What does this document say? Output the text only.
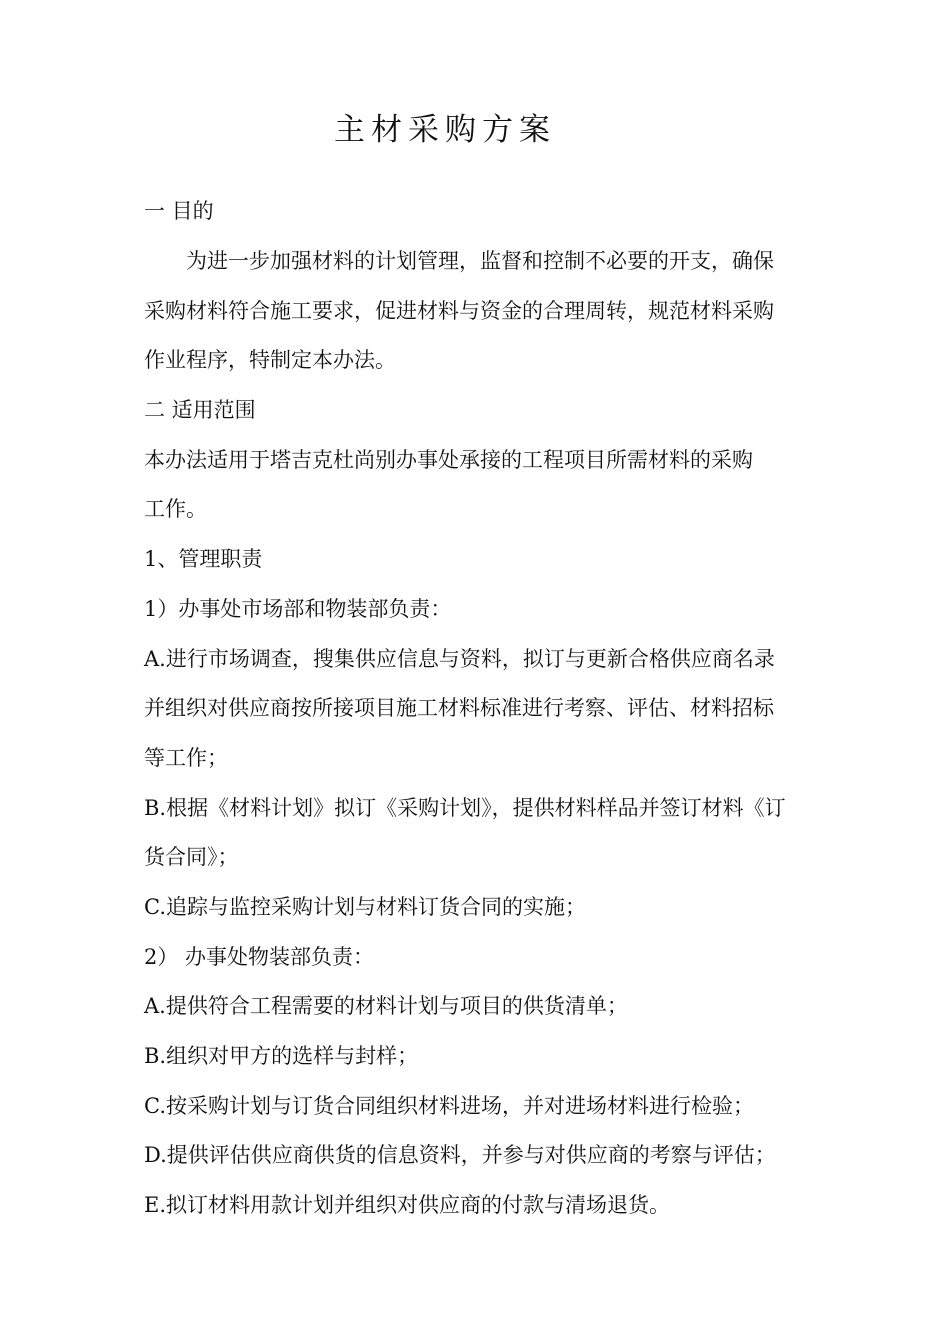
主材采购方案

一 目的

为进一步加强材料的计划管理，监督和控制不必要的开支，确保

采购材料符合施工要求，促进材料与资金的合理周转，规范材料采购

作业程序，特制定本办法。

二 适用范围

本办法适用于塔吉克杜尚别办事处承接的工程项目所需材料的采购

工作。

1、管理职责

1）办事处市场部和物装部负责：

A.进行市场调查，搜集供应信息与资料，拟订与更新合格供应商名录

并组织对供应商按所接项目施工材料标准进行考察、评估、材料招标

等工作；

B.根据《材料计划》拟订《采购计划》，提供材料样品并签订材料《订

货合同》；

C.追踪与监控采购计划与材料订货合同的实施；

2） 办事处物装部负责：

A.提供符合工程需要的材料计划与项目的供货清单；

B.组织对甲方的选样与封样；

C.按采购计划与订货合同组织材料进场，并对进场材料进行检验；

D.提供评估供应商供货的信息资料，并参与对供应商的考察与评估；

E.拟订材料用款计划并组织对供应商的付款与清场退货。
